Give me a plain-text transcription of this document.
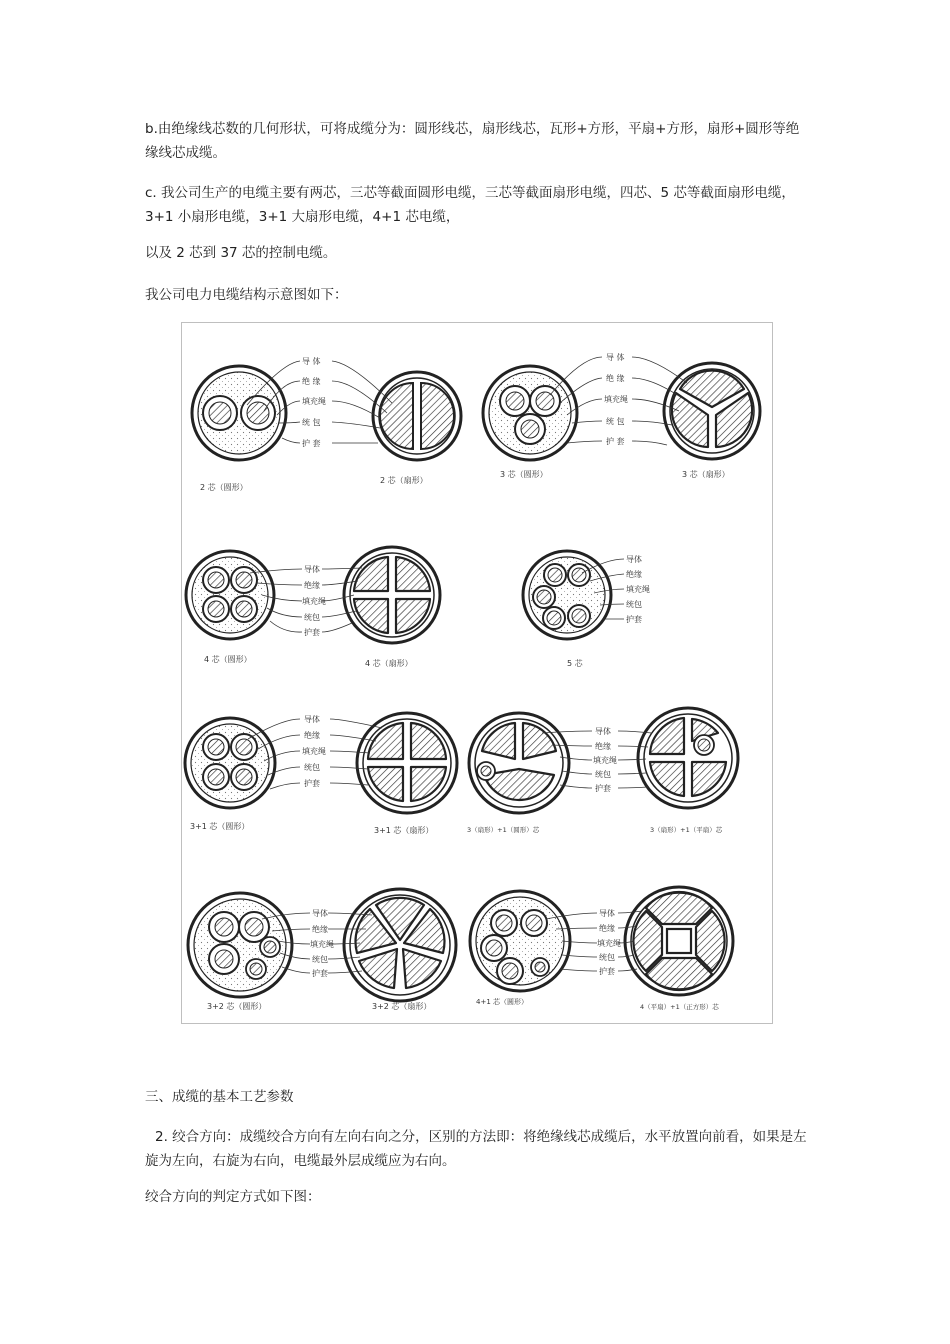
b.由绝缘线芯数的几何形状，可将成缆分为：圆形线芯，扇形线芯，瓦形+方形，平扇+方形，扇形+圆形等绝缘线芯成缆。

c. 我公司生产的电缆主要有两芯，三芯等截面圆形电缆，三芯等截面扇形电缆，四芯、5 芯等截面扇形电缆，3+1 小扇形电缆，3+1 大扇形电缆，4+1 芯电缆，

以及 2 芯到 37 芯的控制电缆。

我公司电力电缆结构示意图如下：

导 体
绝 缘
填充绳
统 包
护 套
2 芯（圆形）
2 芯（扇形）
导 体
绝 缘
填充绳
统 包
护 套
3 芯（圆形）	3 芯（扇形）
导体
绝缘
填充绳
统包
护套
4 芯（圆形）	4 芯（扇形）
导体
绝缘
填充绳
统包
护套
5 芯
导体
绝缘
填充绳
统包
护套
3+1 芯（圆形）	3+1 芯（扇形）
导体
绝缘
填充绳
统包
护套
3（扇形）+1（圆形）芯	3（扇形）+1（平扇）芯
导体
绝缘
填充绳
统包
护套
3+2 芯（圆形）	3+2 芯（扇形）
导体
绝缘
填充绳
统包
护套
4+1 芯（圆形）
4（平扇）+1（正方形）芯

三、成缆的基本工艺参数

2. 绞合方向：成缆绞合方向有左向右向之分，区别的方法即：将绝缘线芯成缆后，水平放置向前看，如果是左旋为左向，右旋为右向，电缆最外层成缆应为右向。

绞合方向的判定方式如下图：
